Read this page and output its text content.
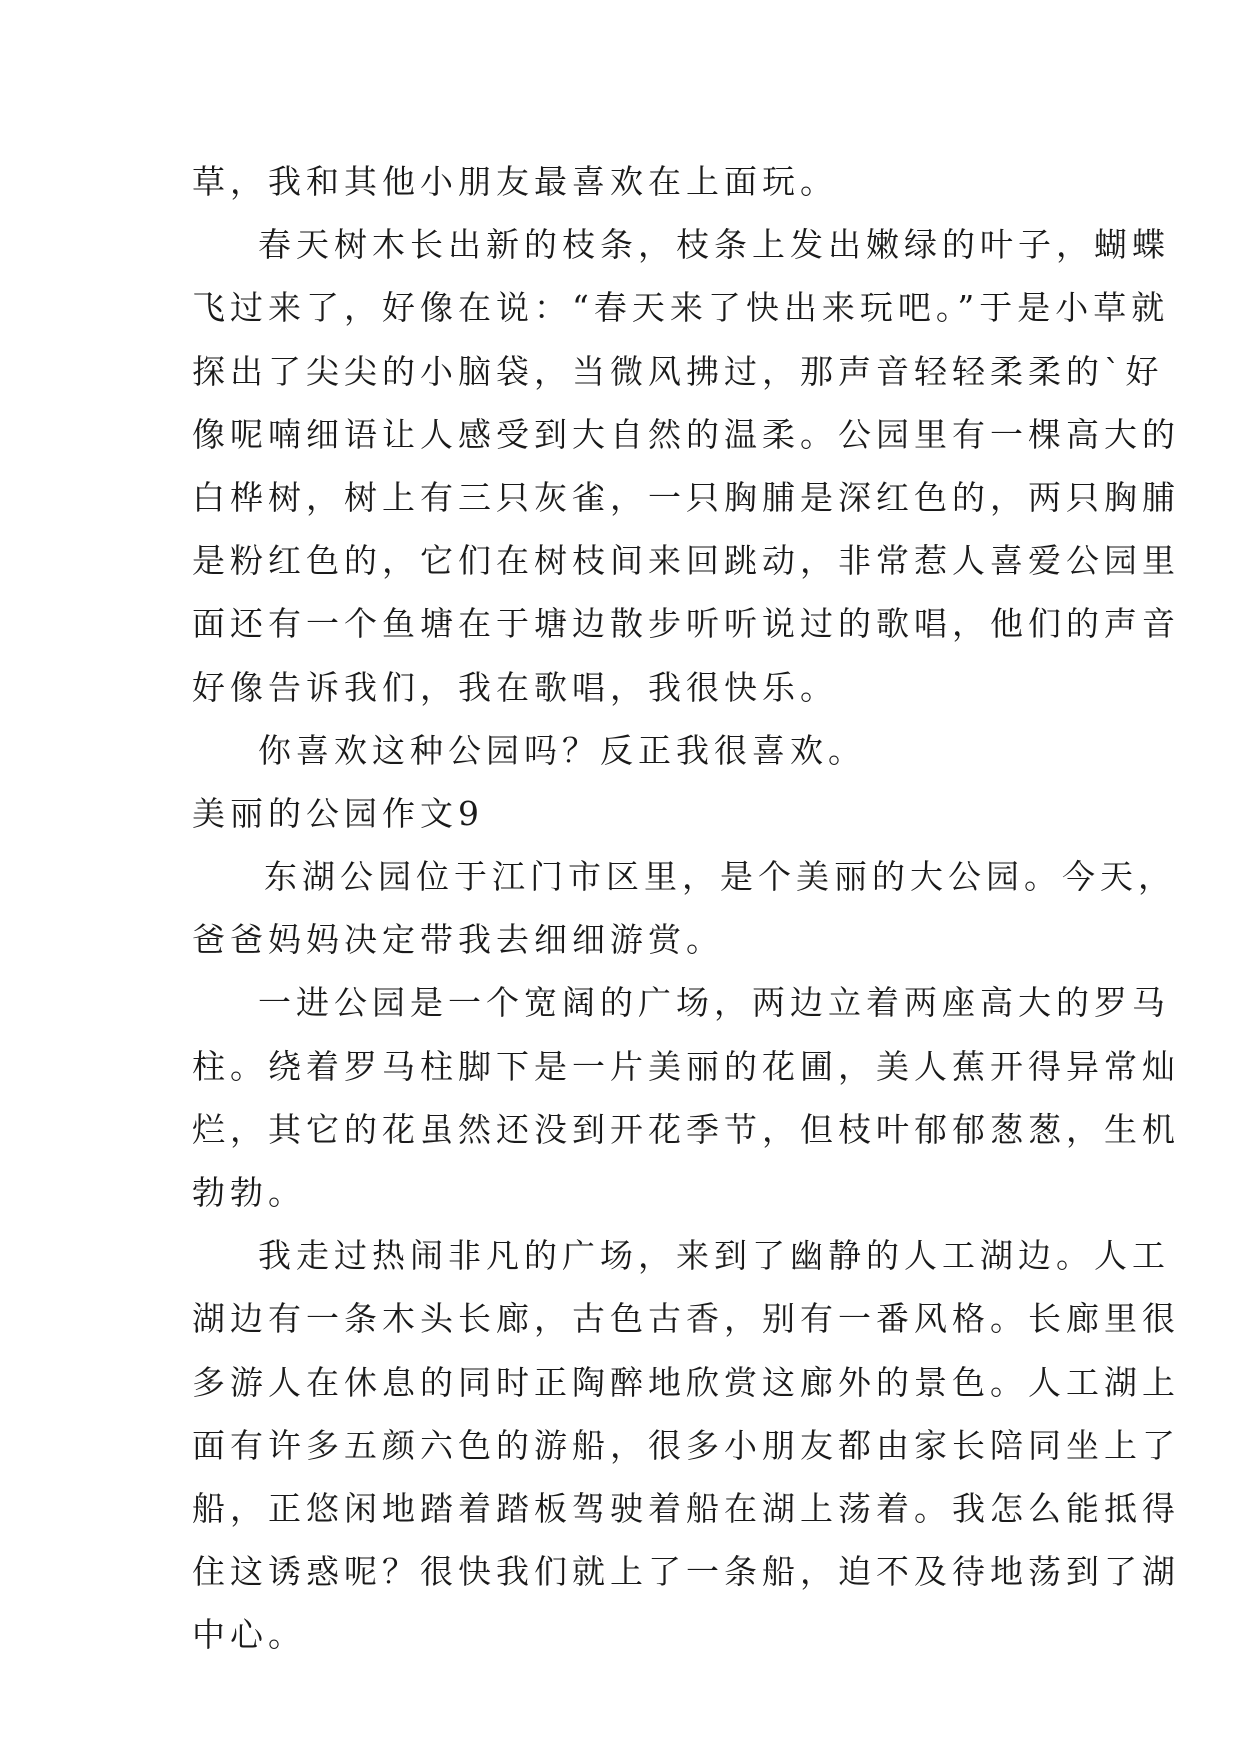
草，我和其他小朋友最喜欢在上面玩。
春天树木长出新的枝条，枝条上发出嫩绿的叶子，蝴蝶
飞过来了，好像在说：“春天来了快出来玩吧。”于是小草就
探出了尖尖的小脑袋，当微风拂过，那声音轻轻柔柔的`好
像呢喃细语让人感受到大自然的温柔。公园里有一棵高大的
白桦树，树上有三只灰雀，一只胸脯是深红色的，两只胸脯
是粉红色的，它们在树枝间来回跳动，非常惹人喜爱公园里
面还有一个鱼塘在于塘边散步听听说过的歌唱，他们的声音
好像告诉我们，我在歌唱，我很快乐。
你喜欢这种公园吗？反正我很喜欢。
美丽的公园作文9
东湖公园位于江门市区里，是个美丽的大公园。今天，
爸爸妈妈决定带我去细细游赏。
一进公园是一个宽阔的广场，两边立着两座高大的罗马
柱。绕着罗马柱脚下是一片美丽的花圃，美人蕉开得异常灿
烂，其它的花虽然还没到开花季节，但枝叶郁郁葱葱，生机
勃勃。
我走过热闹非凡的广场，来到了幽静的人工湖边。人工
湖边有一条木头长廊，古色古香，别有一番风格。长廊里很
多游人在休息的同时正陶醉地欣赏这廊外的景色。人工湖上
面有许多五颜六色的游船，很多小朋友都由家长陪同坐上了
船，正悠闲地踏着踏板驾驶着船在湖上荡着。我怎么能抵得
住这诱惑呢？很快我们就上了一条船，迫不及待地荡到了湖
中心。
